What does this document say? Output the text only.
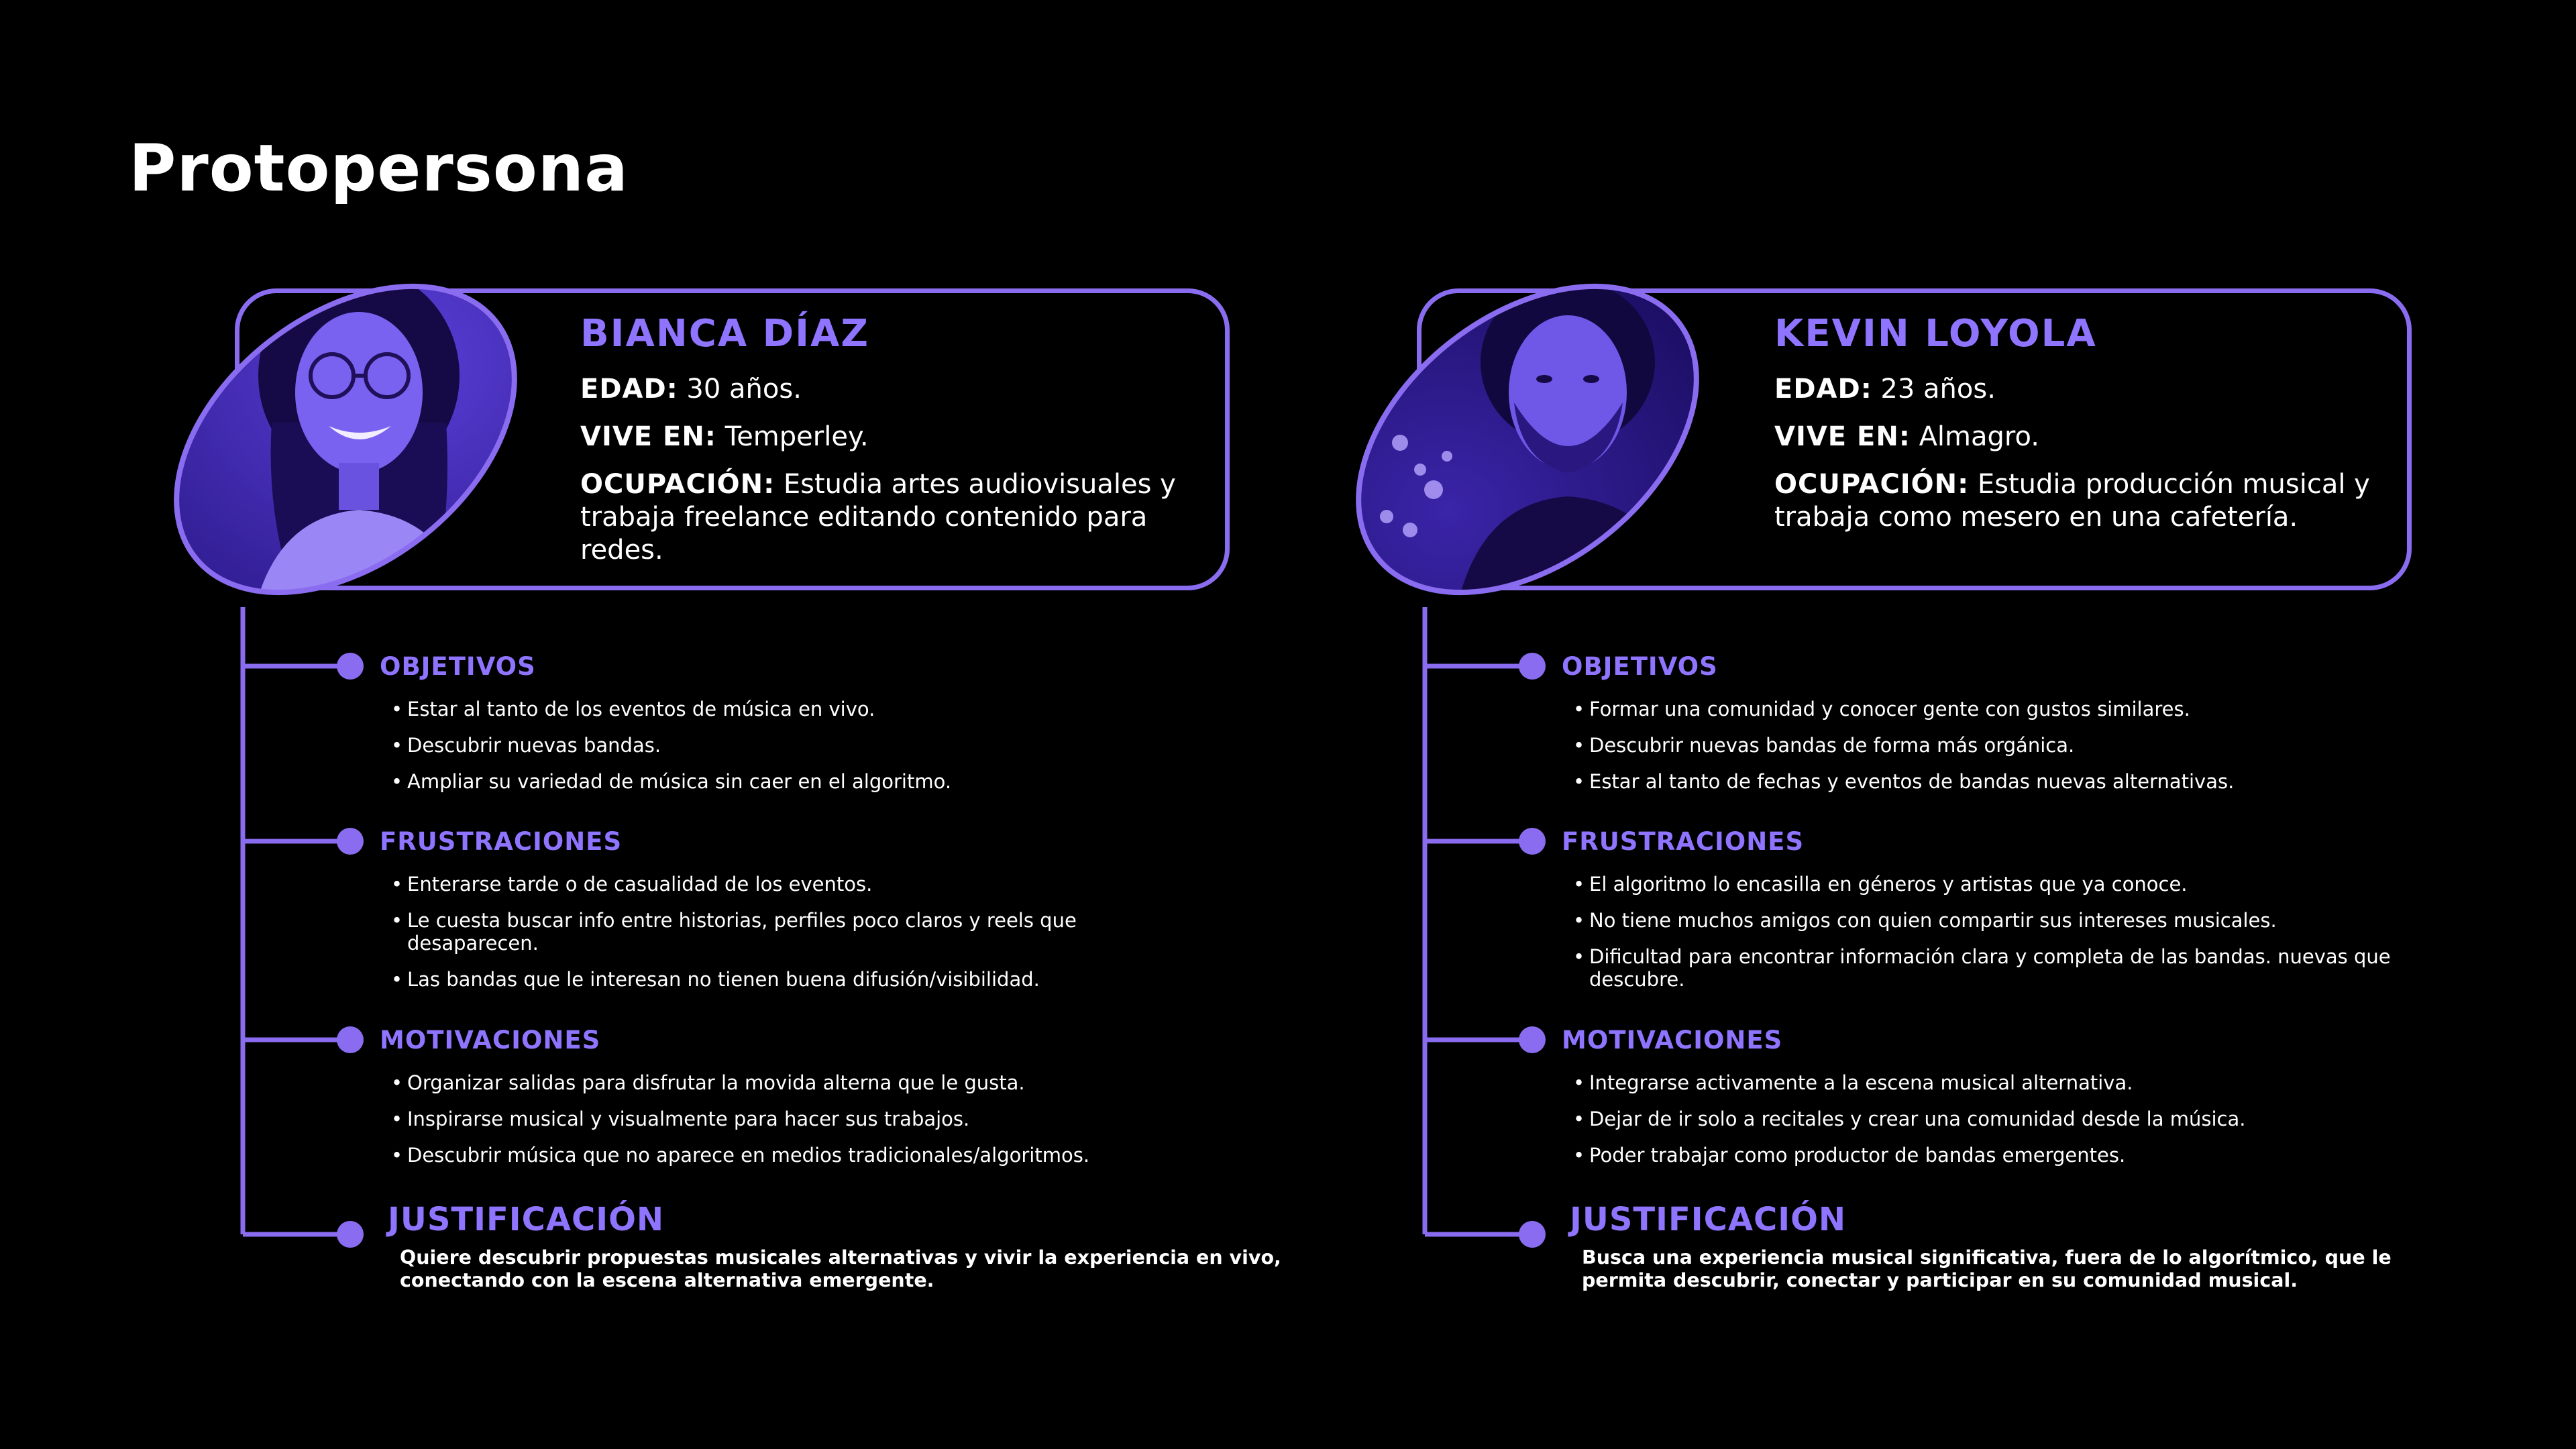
Protopersona
BIANCA DÍAZ
EDAD: 30 años.
VIVE EN: Temperley.
OCUPACIÓN: Estudia artes audiovisuales y trabaja freelance editando contenido para redes.
OBJETIVOS
• Estar al tanto de los eventos de música en vivo.
• Descubrir nuevas bandas.
• Ampliar su variedad de música sin caer en el algoritmo.
FRUSTRACIONES
• Enterarse tarde o de casualidad de los eventos.
• Le cuesta buscar info entre historias, perfiles poco claros y reels que desaparecen.
• Las bandas que le interesan no tienen buena difusión/visibilidad.
MOTIVACIONES
• Organizar salidas para disfrutar la movida alterna que le gusta.
• Inspirarse musical y visualmente para hacer sus trabajos.
• Descubrir música que no aparece en medios tradicionales/algoritmos.
JUSTIFICACIÓN
Quiere descubrir propuestas musicales alternativas y vivir la experiencia en vivo, conectando con la escena alternativa emergente.
KEVIN LOYOLA
EDAD: 23 años.
VIVE EN: Almagro.
OCUPACIÓN: Estudia producción musical y trabaja como mesero en una cafetería.
OBJETIVOS
• Formar una comunidad y conocer gente con gustos similares.
• Descubrir nuevas bandas de forma más orgánica.
• Estar al tanto de fechas y eventos de bandas nuevas alternativas.
FRUSTRACIONES
• El algoritmo lo encasilla en géneros y artistas que ya conoce.
• No tiene muchos amigos con quien compartir sus intereses musicales.
• Dificultad para encontrar información clara y completa de las bandas. nuevas que descubre.
MOTIVACIONES
• Integrarse activamente a la escena musical alternativa.
• Dejar de ir solo a recitales y crear una comunidad desde la música.
• Poder trabajar como productor de bandas emergentes.
JUSTIFICACIÓN
Busca una experiencia musical significativa, fuera de lo algorítmico, que le permita descubrir, conectar y participar en su comunidad musical.
